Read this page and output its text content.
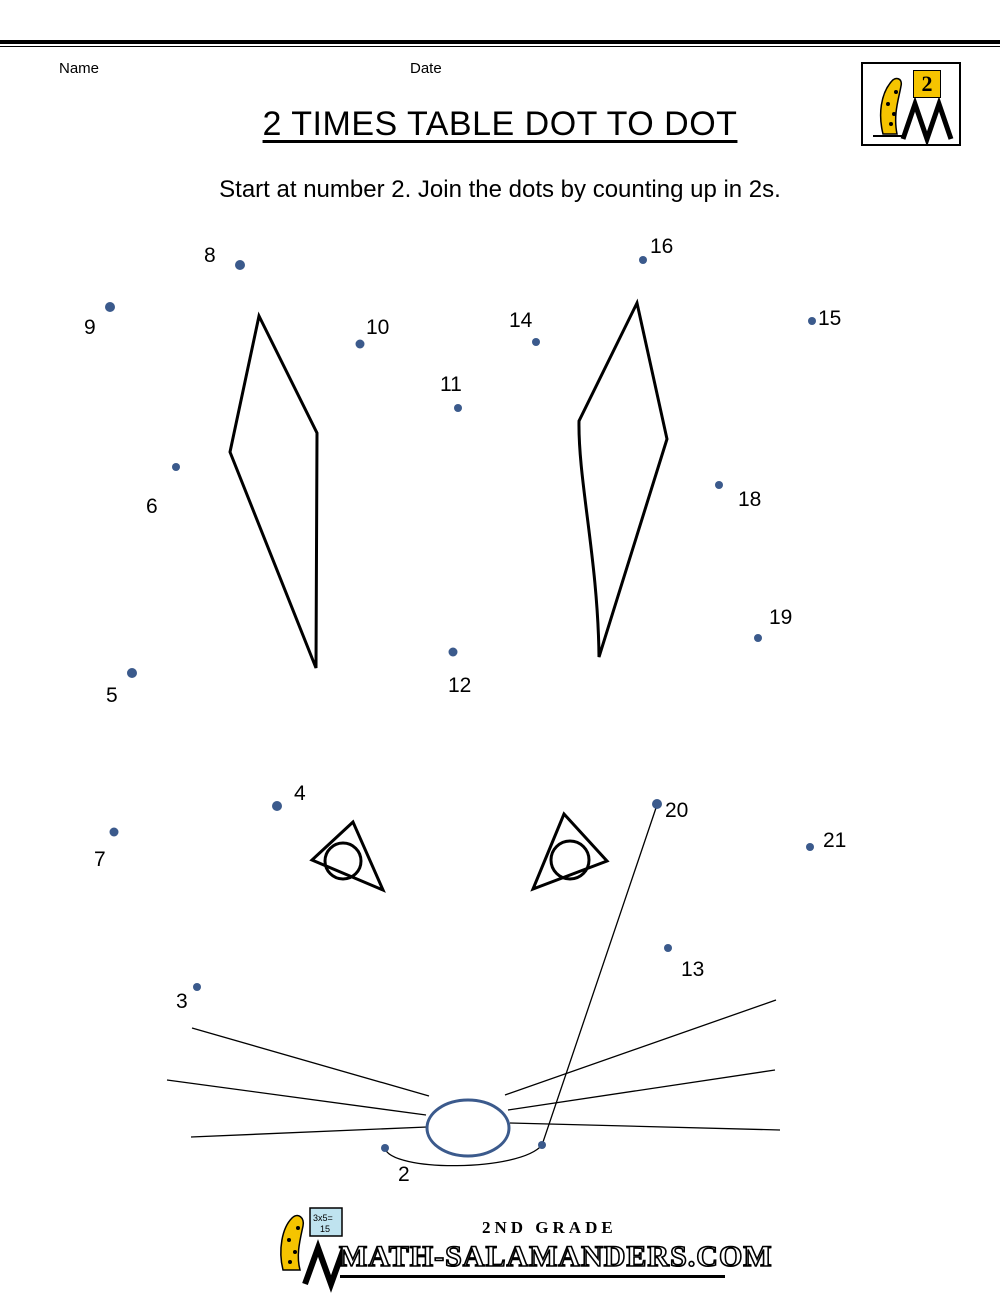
Name	Date
2 TIMES TABLE DOT TO DOT
Start at number 2. Join the dots by counting up in 2s.
2
2
3
4
5
6
7
8
9	10
11
12
13
14	15
16
18
19
20
21
3x5=
15	2ND GRADE
MATH-SALAMANDERS.COM
